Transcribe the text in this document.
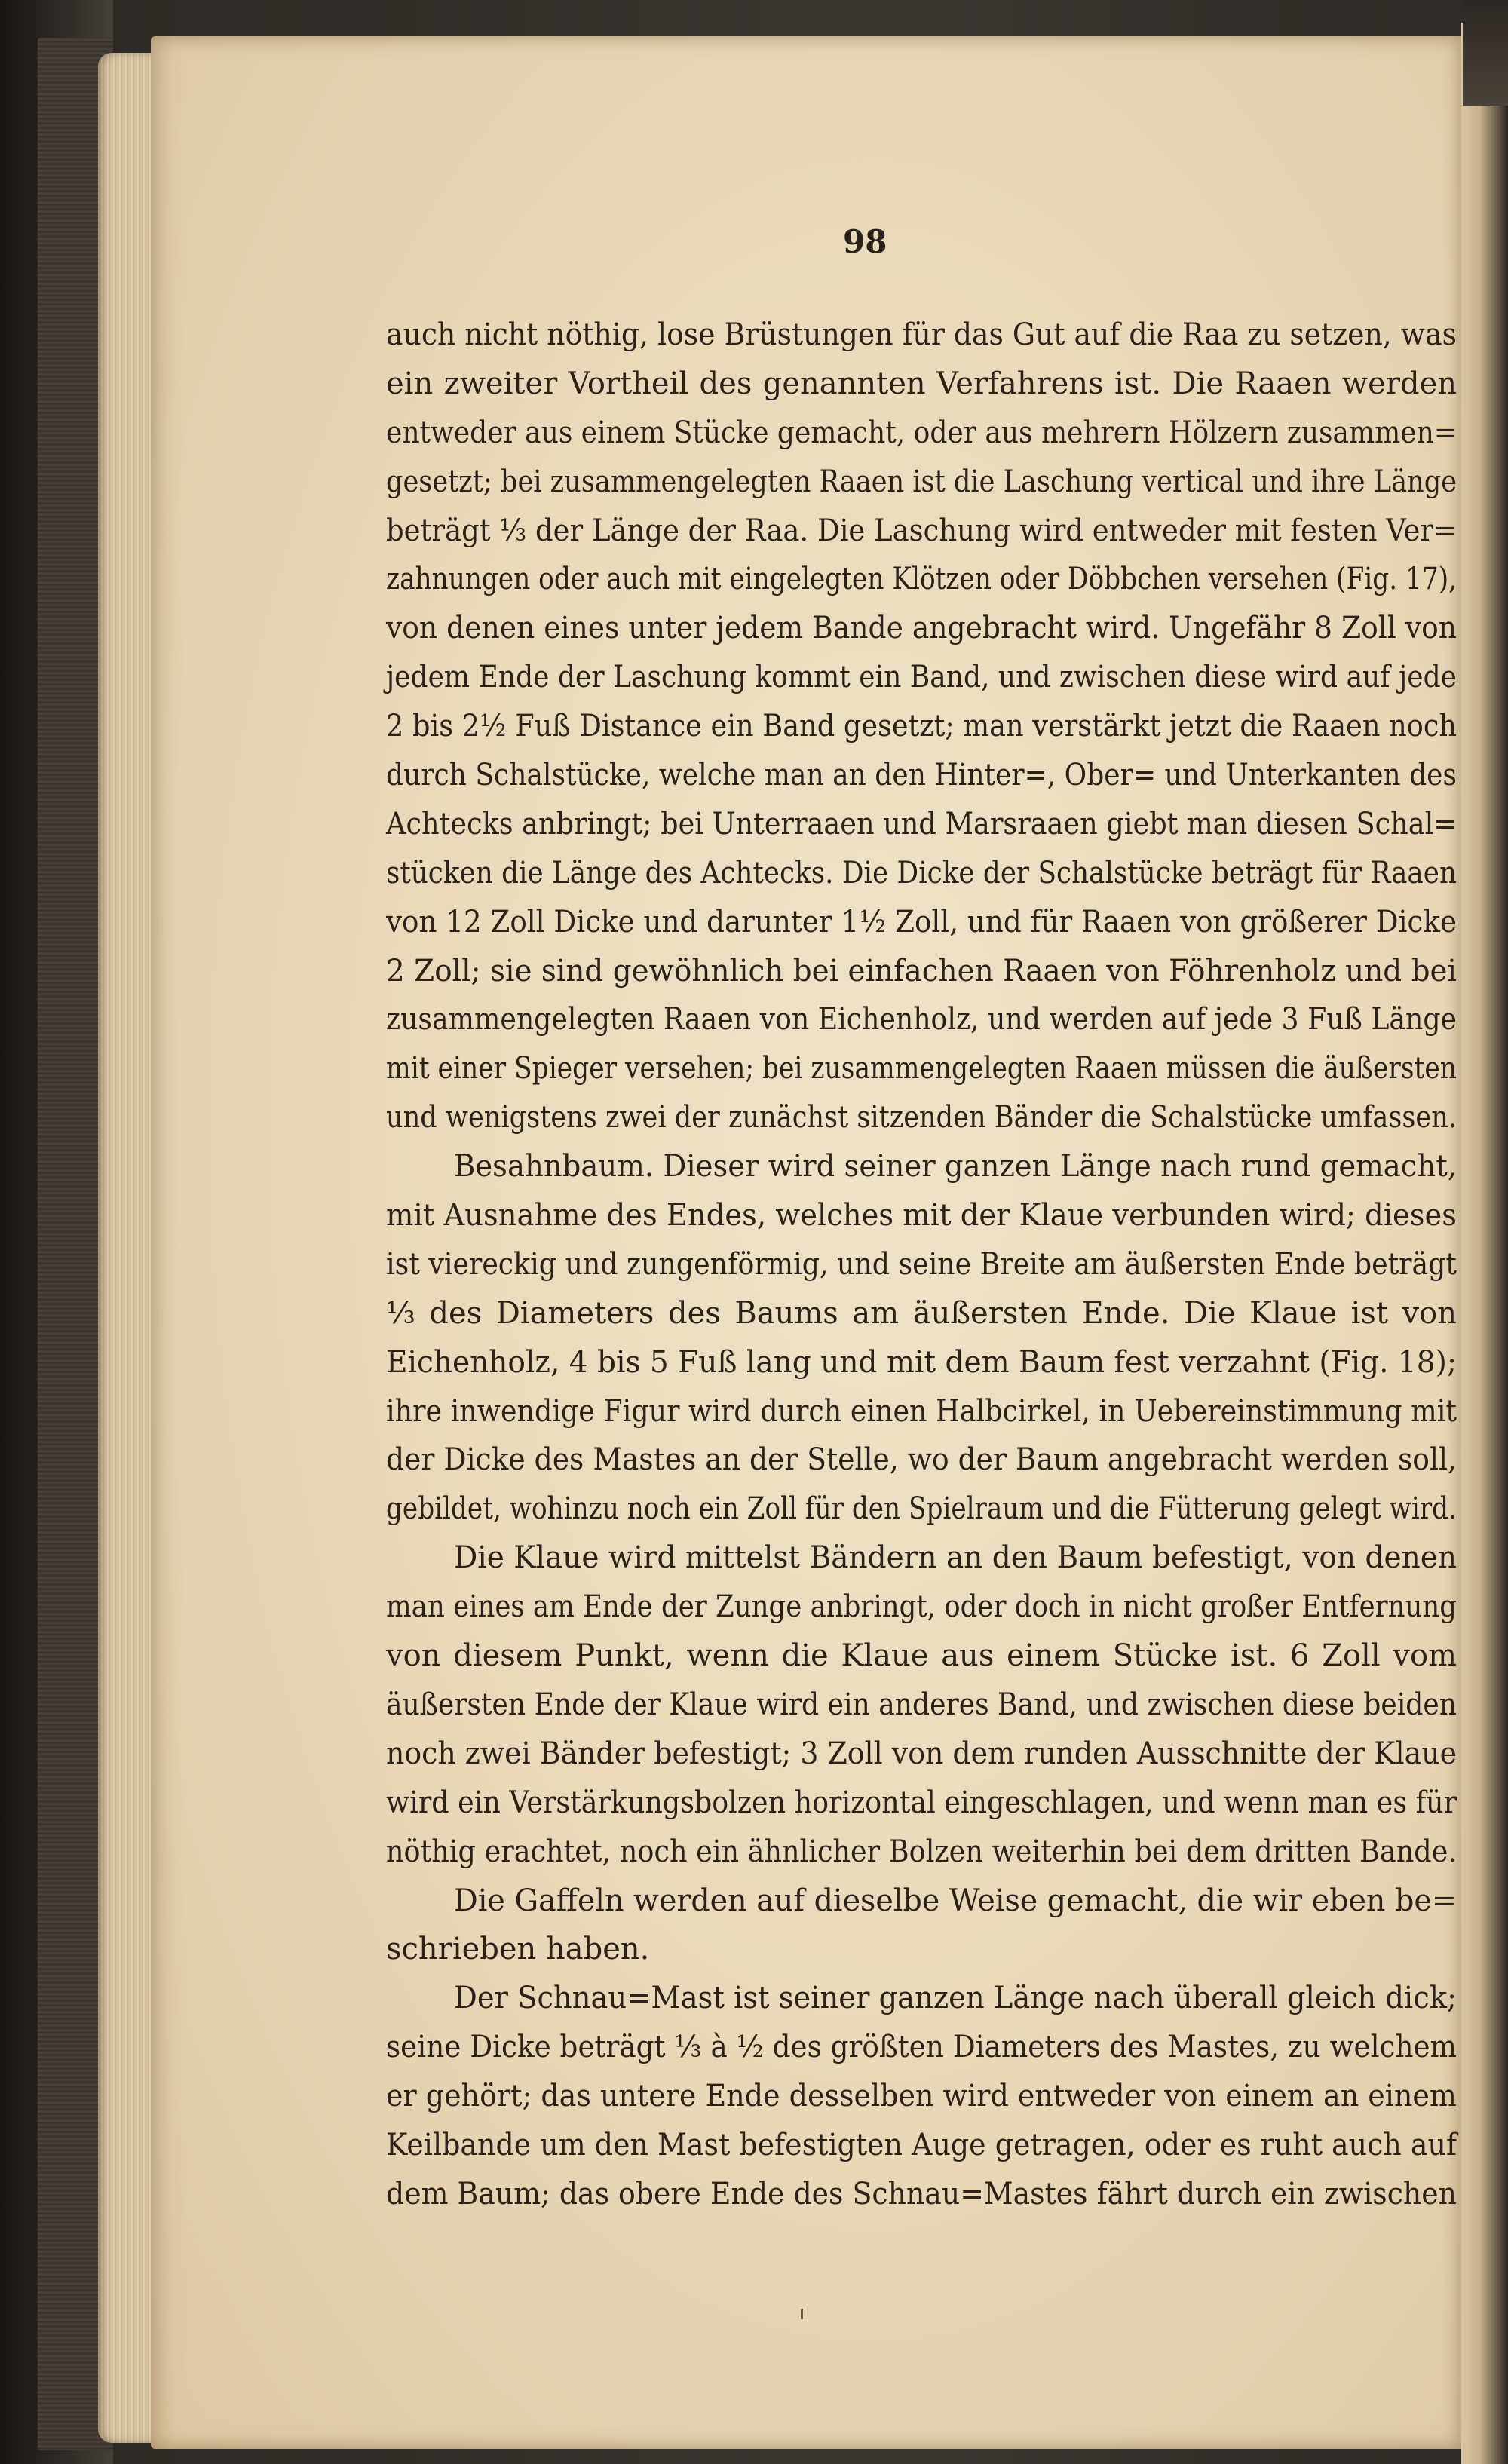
98
auch nicht nöthig, lose Brüstungen für das Gut auf die Raa zu setzen, was
ein zweiter Vortheil des genannten Verfahrens ist. Die Raaen werden
entweder aus einem Stücke gemacht, oder aus mehrern Hölzern zusammen=
gesetzt; bei zusammengelegten Raaen ist die Laschung vertical und ihre Länge
beträgt ⅓ der Länge der Raa. Die Laschung wird entweder mit festen Ver=
zahnungen oder auch mit eingelegten Klötzen oder Döbbchen versehen (Fig. 17),
von denen eines unter jedem Bande angebracht wird. Ungefähr 8 Zoll von
jedem Ende der Laschung kommt ein Band, und zwischen diese wird auf jede
2 bis 2½ Fuß Distance ein Band gesetzt; man verstärkt jetzt die Raaen noch
durch Schalstücke, welche man an den Hinter=, Ober= und Unterkanten des
Achtecks anbringt; bei Unterraaen und Marsraaen giebt man diesen Schal=
stücken die Länge des Achtecks. Die Dicke der Schalstücke beträgt für Raaen
von 12 Zoll Dicke und darunter 1½ Zoll, und für Raaen von größerer Dicke
2 Zoll; sie sind gewöhnlich bei einfachen Raaen von Föhrenholz und bei
zusammengelegten Raaen von Eichenholz, und werden auf jede 3 Fuß Länge
mit einer Spieger versehen; bei zusammengelegten Raaen müssen die äußersten
und wenigstens zwei der zunächst sitzenden Bänder die Schalstücke umfassen.
Besahnbaum. Dieser wird seiner ganzen Länge nach rund gemacht,
mit Ausnahme des Endes, welches mit der Klaue verbunden wird; dieses
ist viereckig und zungenförmig, und seine Breite am äußersten Ende beträgt
⅓ des Diameters des Baums am äußersten Ende. Die Klaue ist von
Eichenholz, 4 bis 5 Fuß lang und mit dem Baum fest verzahnt (Fig. 18);
ihre inwendige Figur wird durch einen Halbcirkel, in Uebereinstimmung mit
der Dicke des Mastes an der Stelle, wo der Baum angebracht werden soll,
gebildet, wohinzu noch ein Zoll für den Spielraum und die Fütterung gelegt wird.
Die Klaue wird mittelst Bändern an den Baum befestigt, von denen
man eines am Ende der Zunge anbringt, oder doch in nicht großer Entfernung
von diesem Punkt, wenn die Klaue aus einem Stücke ist. 6 Zoll vom
äußersten Ende der Klaue wird ein anderes Band, und zwischen diese beiden
noch zwei Bänder befestigt; 3 Zoll von dem runden Ausschnitte der Klaue
wird ein Verstärkungsbolzen horizontal eingeschlagen, und wenn man es für
nöthig erachtet, noch ein ähnlicher Bolzen weiterhin bei dem dritten Bande.
Die Gaffeln werden auf dieselbe Weise gemacht, die wir eben be=
schrieben haben.
Der Schnau=Mast ist seiner ganzen Länge nach überall gleich dick;
seine Dicke beträgt ⅓ à ½ des größten Diameters des Mastes, zu welchem
er gehört; das untere Ende desselben wird entweder von einem an einem
Keilbande um den Mast befestigten Auge getragen, oder es ruht auch auf
dem Baum; das obere Ende des Schnau=Mastes fährt durch ein zwischen
